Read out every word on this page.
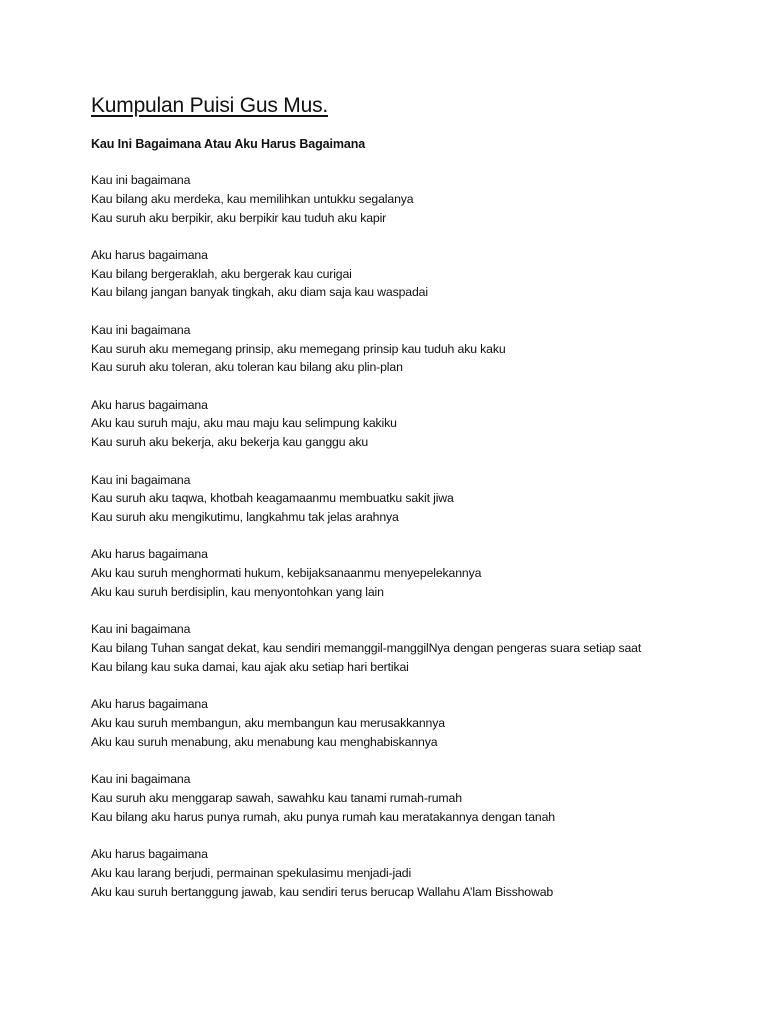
Kumpulan Puisi Gus Mus.
Kau Ini Bagaimana Atau Aku Harus Bagaimana
Kau ini bagaimana
Kau bilang aku merdeka, kau memilihkan untukku segalanya
Kau suruh aku berpikir, aku berpikir kau tuduh aku kapir
Aku harus bagaimana
Kau bilang bergeraklah, aku bergerak kau curigai
Kau bilang jangan banyak tingkah, aku diam saja kau waspadai
Kau ini bagaimana
Kau suruh aku memegang prinsip, aku memegang prinsip kau tuduh aku kaku
Kau suruh aku toleran, aku toleran kau bilang aku plin-plan
Aku harus bagaimana
Aku kau suruh maju, aku mau maju kau selimpung kakiku
Kau suruh aku bekerja, aku bekerja kau ganggu aku
Kau ini bagaimana
Kau suruh aku taqwa, khotbah keagamaanmu membuatku sakit jiwa
Kau suruh aku mengikutimu, langkahmu tak jelas arahnya
Aku harus bagaimana
Aku kau suruh menghormati hukum, kebijaksanaanmu menyepelekannya
Aku kau suruh berdisiplin, kau menyontohkan yang lain
Kau ini bagaimana
Kau bilang Tuhan sangat dekat, kau sendiri memanggil-manggilNya dengan pengeras suara setiap saat
Kau bilang kau suka damai, kau ajak aku setiap hari bertikai
Aku harus bagaimana
Aku kau suruh membangun, aku membangun kau merusakkannya
Aku kau suruh menabung, aku menabung kau menghabiskannya
Kau ini bagaimana
Kau suruh aku menggarap sawah, sawahku kau tanami rumah-rumah
Kau bilang aku harus punya rumah, aku punya rumah kau meratakannya dengan tanah
Aku harus bagaimana
Aku kau larang berjudi, permainan spekulasimu menjadi-jadi
Aku kau suruh bertanggung jawab, kau sendiri terus berucap Wallahu A’lam Bisshowab
